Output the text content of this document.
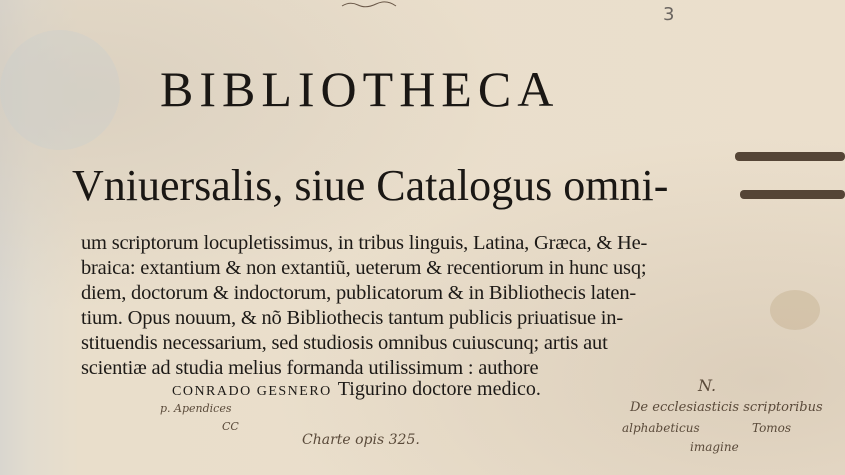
3
BIBLIOTHECA
Vniuersalis, siue Catalogus omni-
um scriptorum locupletissimus, in tribus linguis, Latina, Græca, & He-
braica: extantium & non extantiũ, ueterum & recentiorum in hunc usq;
diem, doctorum & indoctorum, publicatorum & in Bibliothecis laten-
tium. Opus nouum, & nõ Bibliothecis tantum publicis priuatisue in-
stituendis necessarium, sed studiosis omnibus cuiuscunq; artis aut
scientiæ ad studia melius formanda utilissimum : authore
CONRADO GESNERO Tigurino doctore medico.
p. Apendices
CC
Charte opis 325.
N.
De ecclesiasticis scriptoribus
alphabeticus	Tomos
imagine
